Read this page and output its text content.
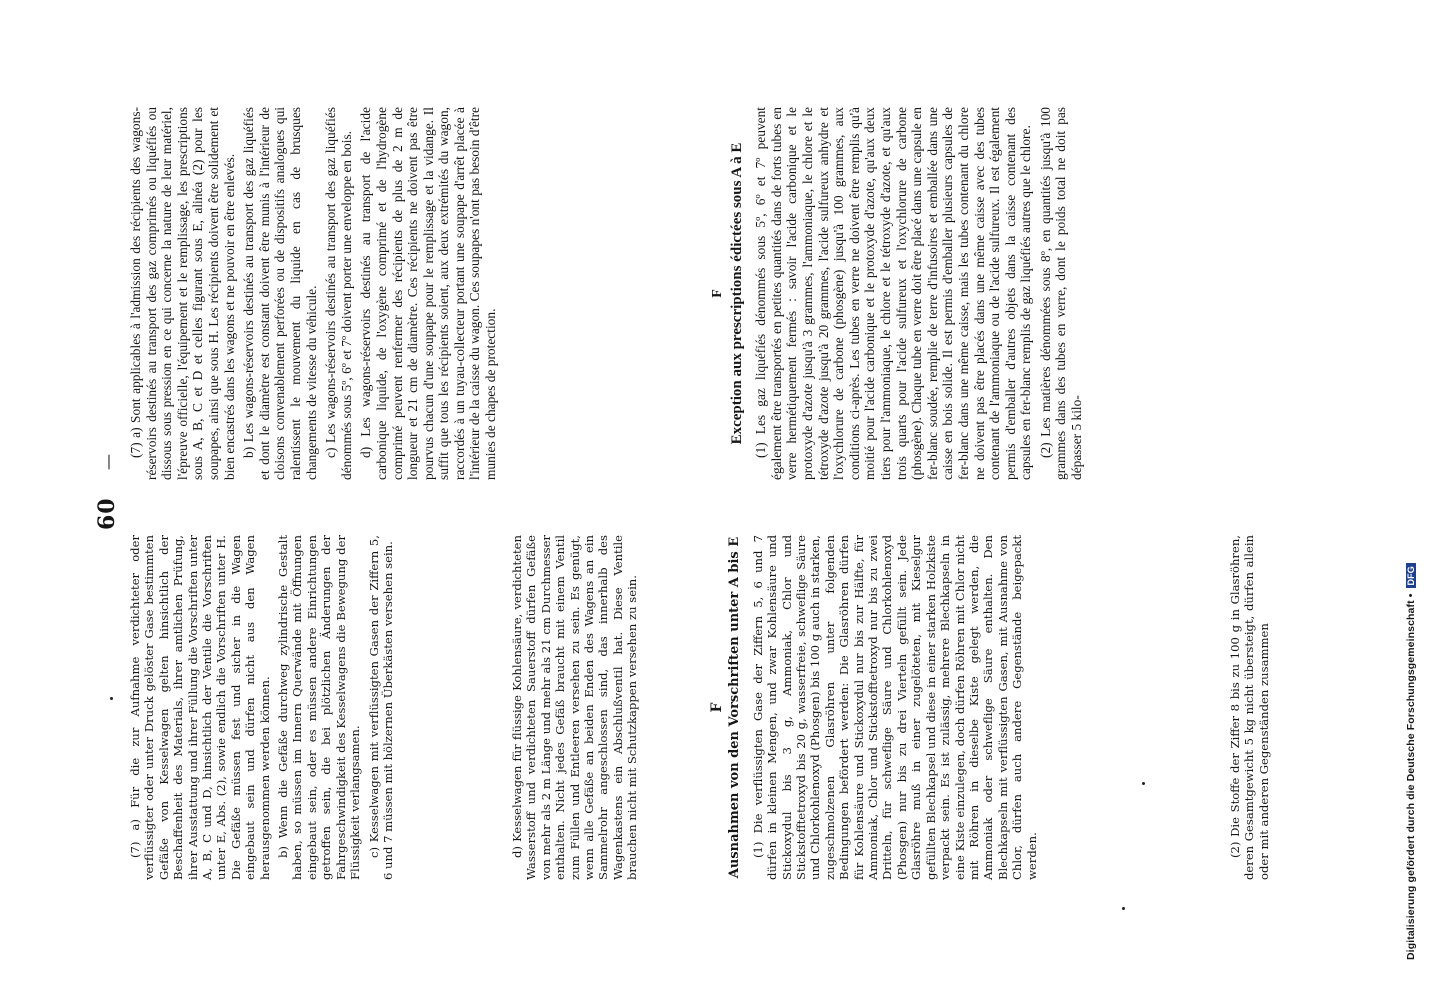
60
—

(7) a) Für die zur Aufnahme verdichteter oder verflüssigter oder unter Druck gelöster Gase bestimmten Gefäße von Kesselwagen gelten hinsichtlich der Beschaffenheit des Materials, ihrer amtlichen Prüfung, ihrer Ausstattung und ihrer Füllung die Vorschriften unter A, B, C und D, hinsichtlich der Ventile die Vorschriften unter E, Abs. (2), sowie endlich die Vorschriften unter H. Die Gefäße müssen fest und sicher in die Wagen eingebaut sein und dürfen nicht aus den Wagen herausgenommen werden können. b) Wenn die Gefäße durchweg zylindrische Gestalt haben, so müssen im Innern Querwände mit Öffnungen eingebaut sein, oder es müssen andere Einrichtungen getroffen sein, die bei plötzlichen Änderungen der Fahrgeschwindigkeit des Kesselwagens die Bewegung der Flüssigkeit verlangsamen. c) Kesselwagen mit verflüssigten Gasen der Ziffern 5, 6 und 7 müssen mit hölzernen Überkästen versehen sein.	d) Kesselwagen für flüssige Kohlensäure, verdichteten Wasserstoff und verdichteten Sauerstoff dürfen Gefäße von mehr als 2 m Länge und mehr als 21 cm Durchmesser enthalten. Nicht jedes Gefäß braucht mit einem Ventil zum Füllen und Entleeren versehen zu sein. Es genügt, wenn alle Gefäße an beiden Enden des Wagens an ein Sammelrohr angeschlossen sind, das innerhalb des Wagenkastens ein Abschlußventil hat. Diese Ventile brauchen nicht mit Schutzkappen versehen zu sein.	F Ausnahmen von den Vorschriften unter A bis E (1) Die verflüssigten Gase der Ziffern 5, 6 und 7 dürfen in kleinen Mengen, und zwar Kohlensäure und Stickoxydul bis 3 g, Ammoniak, Chlor und Stickstofftetroxyd bis 20 g, wasserfreie, schweflige Säure und Chlorkohlenoxyd (Phosgen) bis 100 g auch in starken, zugeschmolzenen Glasröhren unter folgenden Bedingungen befördert werden: Die Glasröhren dürfen für Kohlensäure und Stickoxydul nur bis zur Hälfte, für Ammoniak, Chlor und Stickstofftetroxyd nur bis zu zwei Dritteln, für schweflige Säure und Chlorkohlenoxyd (Phosgen) nur bis zu drei Vierteln gefüllt sein. Jede Glasröhre muß in einer zugelöteten, mit Kieselgur gefüllten Blechkapsel und diese in einer starken Holzkiste verpackt sein. Es ist zulässig, mehrere Blechkapseln in eine Kiste einzulegen, doch dürfen Röhren mit Chlor nicht mit Röhren in dieselbe Kiste gelegt werden, die Ammoniak oder schweflige Säure enthalten. Den Blechkapseln mit verflüssigten Gasen, mit Ausnahme von Chlor, dürfen auch andere Gegenstände beigepackt werden.	(2) Die Stoffe der Ziffer 8 bis zu 100 g in Glasröhren, deren Gesamtgewicht 5 kg nicht übersteigt, dürfen allein oder mit anderen Gegenständen zusammen

(7) a) Sont applicables à l'admission des récipients des wagons-réservoirs destinés au transport des gaz comprimés ou liquéfiés ou dissous sous pression en ce qui concerne la nature de leur matériel, l'épreuve officielle, l'équipement et le remplissage, les prescriptions sous A, B, C et D et celles figurant sous E, alinéa (2) pour les soupapes, ainsi que sous H. Les récipients doivent être solidement et bien encastrés dans les wagons et ne pouvoir en être enlevés. b) Les wagons-réservoirs destinés au transport des gaz liquéfiés et dont le diamètre est constant doivent être munis à l'intérieur de cloisons convenablement perforées ou de dispositifs analogues qui ralentissent le mouvement du liquide en cas de brusques changements de vitesse du véhicule. c) Les wagons-réservoirs destinés au transport des gaz liquéfiés dénommés sous 5º, 6º et 7º doivent porter une enveloppe en bois. d) Les wagons-réservoirs destinés au transport de l'acide carbonique liquide, de l'oxygène comprimé et de l'hydrogène comprimé peuvent renfermer des récipients de plus de 2 m de longueur et 21 cm de diamètre. Ces récipients ne doivent pas être pourvus chacun d'une soupape pour le remplissage et la vidange. Il suffit que tous les récipients soient, aux deux extrémités du wagon, raccordés à un tuyau-collecteur portant une soupape d'arrêt placée à l'intérieur de la caisse du wagon. Ces soupapes n'ont pas besoin d'être munies de chapes de protection.

F Exception aux prescriptions édictées sous A à E (1) Les gaz liquéfiés dénommés sous 5º, 6º et 7º peuvent également être transportés en petites quantités dans de forts tubes en verre hermétiquement fermés : savoir l'acide carbonique et le protoxyde d'azote jusqu'à 3 grammes, l'ammoniaque, le chlore et le tétroxyde d'azote jusqu'à 20 grammes, l'acide sulfureux anhydre et l'oxychlorure de carbone (phosgène) jusqu'à 100 grammes, aux conditions ci-après. Les tubes en verre ne doivent être remplis qu'à moitié pour l'acide carbonique et le protoxyde d'azote, qu'aux deux tiers pour l'ammoniaque, le chlore et le tétroxyde d'azote, et qu'aux trois quarts pour l'acide sulfureux et l'oxychlorure de carbone (phosgène). Chaque tube en verre doit être placé dans une capsule en fer-blanc soudée, remplie de terre d'infusoires et emballée dans une caisse en bois solide. Il est permis d'emballer plusieurs capsules de fer-blanc dans une même caisse, mais les tubes contenant du chlore ne doivent pas être placés dans une même caisse avec des tubes contenant de l'ammoniaque ou de l'acide sulfureux. Il est également permis d'emballer d'autres objets dans la caisse contenant des capsules en fer-blanc remplis de gaz liquéfiés autres que le chlore. (2) Les matières dénommées sous 8º, en quantités jusqu'à 100 grammes dans des tubes en verre, dont le poids total ne doit pas dépasser 5 kilo-

Digitalisierung gefördert durch die Deutsche Forschungsgemeinschaft • DFG
